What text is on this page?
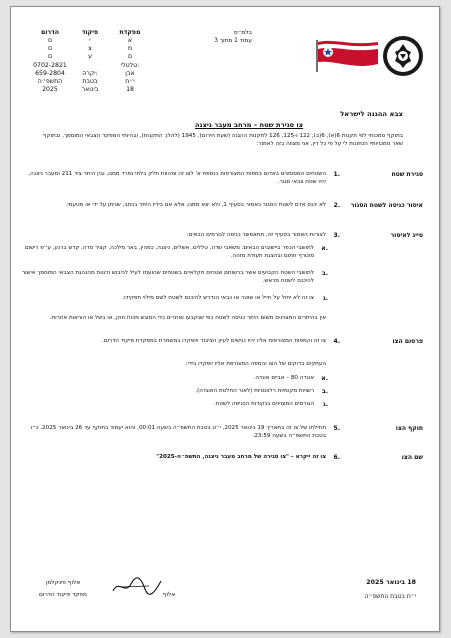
בלמ״ס
עמוד 1 מתוך 3
מפקדת
א
מ
ם
פיקוד
י
צ
ע
הדרום
ם
ם
ם
טלטלי:
0702-2821
אבן
יקרה:
659-2804
י״ח
בטבת
התשפ״ה
18
בינואר
2025
צבא ההגנה לישראל
צו סגירת שטח – מרחב מעבר ניצנה
בתוקף סמכותי לפי תקנות 6(א), 6(ב), 122 ו-125, 126 לתקנות ההגנה (שעת חירום), 1945 (להלן: התקנות), ובהיותי המפקד הצבאי המוסמך, ובתוקף שאר סמכויותיי הנתונות לי על פי כל דין, אני מצווה בזה לאמור:
סגירת שטח
1.
השטחים המסומנים באדום במפות המצורפות כנספח א' לצו זה ומהוות חלק בלתי נפרד ממנו, ובין היתר ציר 211 ומעבר ניצנה, יהיו שטח צבאי סגור.
איסור כניסה לשטח הסגור
2.
לא יכנס אדם לשטח הסגור כאמור בסעיף 1, ולא יצא ממנו, אלא אם בידיו היתר בכתב, שניתן על ידי או מטעמי.
סייג לאיסור
3.
לצורות האמור בסעיף זה, תתאפשר כניסה לגורמים הבאים:
א.
לתושבי הכפר ביישובים הבאים: משאבי שדה, טללים, אשלים, ניצנה, כמהין, באר מילכה, קציר סדה, קדש ברנע, ע״פ רישום מוטרף חתום ובהצגת תעודת מזהה.
ב.
לתושבי השטח הקבועים אשר ברשותם שטחים חקלאיים בשטחים שהועמו לעיל לכיבוש ודגוות מהנהגת הצבאי המוסמך אישור להיכנס לשטח מראש.
ג.
צו זה לא יחול על חייל או שוטר או כבאי הנדרש להיכנס לשטח לשם מילוי תפקידו.
אין בהיתרים המצוינים משום היתר כניסה לשטח כפי שנקבעו ואחרים כדי המוגש מכוח חוק, או בשל או הוראות אחרות.
פרסום הצו
4.
צו זה והמפות המצורפות אליו יהיו נגישים לעיון הציבור ויופקדו במשמרת במפקדת פיקוד הדרום.
העתקים בדוקים של הצו והמפה המצורפת אליו יופקדו בידי:
א.
אונדה 80 – אביים אונדה.
ב.
רשויות מקומיות רלוונטיות (לאור החלטת האוגדה).
ג.
הגורמים המצוינים בנקודות הכניסה לשטח.
תוקף הצו
5.
תחילתו של צו זה בתאריך 19 בינואר 2025, י״ט בטבת התשפ״ה בשעה 00:01, והוא יעמוד בתוקף עד 26 בינואר 2025, כ״ו בטבת התשפ״ה בשעה 23:59.
שם הצו
6.
צו זה ייקרא – "צו סגירה של מרחב מעבר ניצנה, התשפ״ה-2025"
18 בינואר 2025
י״ח בטבת התשפ״ה
אלוף פינקלמן
מפקד פיקוד הדרום	אלוף
